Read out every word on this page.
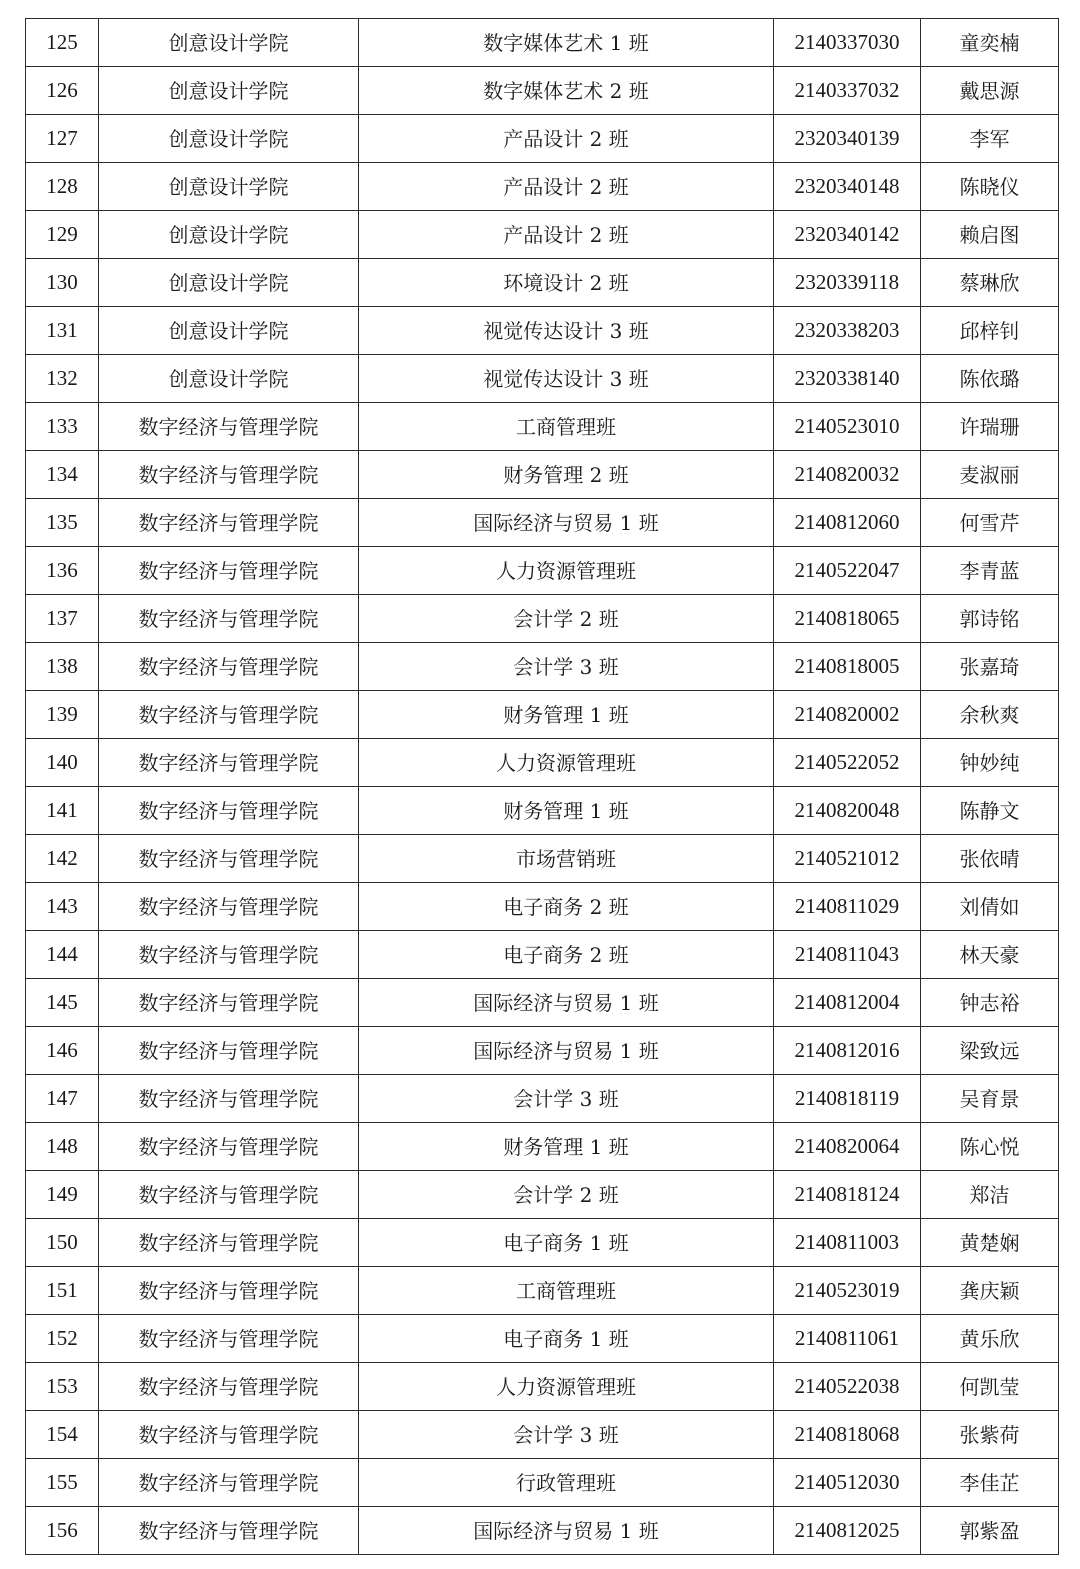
125	创意设计学院	数字媒体艺术 1 班	2140337030	童奕楠
126	创意设计学院	数字媒体艺术 2 班	2140337032	戴思源
127	创意设计学院	产品设计 2 班	2320340139	李军
128	创意设计学院	产品设计 2 班	2320340148	陈晓仪
129	创意设计学院	产品设计 2 班	2320340142	赖启图
130	创意设计学院	环境设计 2 班	2320339118	蔡琳欣
131	创意设计学院	视觉传达设计 3 班	2320338203	邱梓钊
132	创意设计学院	视觉传达设计 3 班	2320338140	陈依璐
133	数字经济与管理学院	工商管理班	2140523010	许瑞珊
134	数字经济与管理学院	财务管理 2 班	2140820032	麦淑丽
135	数字经济与管理学院	国际经济与贸易 1 班	2140812060	何雪芹
136	数字经济与管理学院	人力资源管理班	2140522047	李青蓝
137	数字经济与管理学院	会计学 2 班	2140818065	郭诗铭
138	数字经济与管理学院	会计学 3 班	2140818005	张嘉琦
139	数字经济与管理学院	财务管理 1 班	2140820002	余秋爽
140	数字经济与管理学院	人力资源管理班	2140522052	钟妙纯
141	数字经济与管理学院	财务管理 1 班	2140820048	陈静文
142	数字经济与管理学院	市场营销班	2140521012	张依晴
143	数字经济与管理学院	电子商务 2 班	2140811029	刘倩如
144	数字经济与管理学院	电子商务 2 班	2140811043	林天豪
145	数字经济与管理学院	国际经济与贸易 1 班	2140812004	钟志裕
146	数字经济与管理学院	国际经济与贸易 1 班	2140812016	梁致远
147	数字经济与管理学院	会计学 3 班	2140818119	吴育景
148	数字经济与管理学院	财务管理 1 班	2140820064	陈心悦
149	数字经济与管理学院	会计学 2 班	2140818124	郑洁
150	数字经济与管理学院	电子商务 1 班	2140811003	黄楚娴
151	数字经济与管理学院	工商管理班	2140523019	龚庆颖
152	数字经济与管理学院	电子商务 1 班	2140811061	黄乐欣
153	数字经济与管理学院	人力资源管理班	2140522038	何凯莹
154	数字经济与管理学院	会计学 3 班	2140818068	张紫荷
155	数字经济与管理学院	行政管理班	2140512030	李佳芷
156	数字经济与管理学院	国际经济与贸易 1 班	2140812025	郭紫盈
